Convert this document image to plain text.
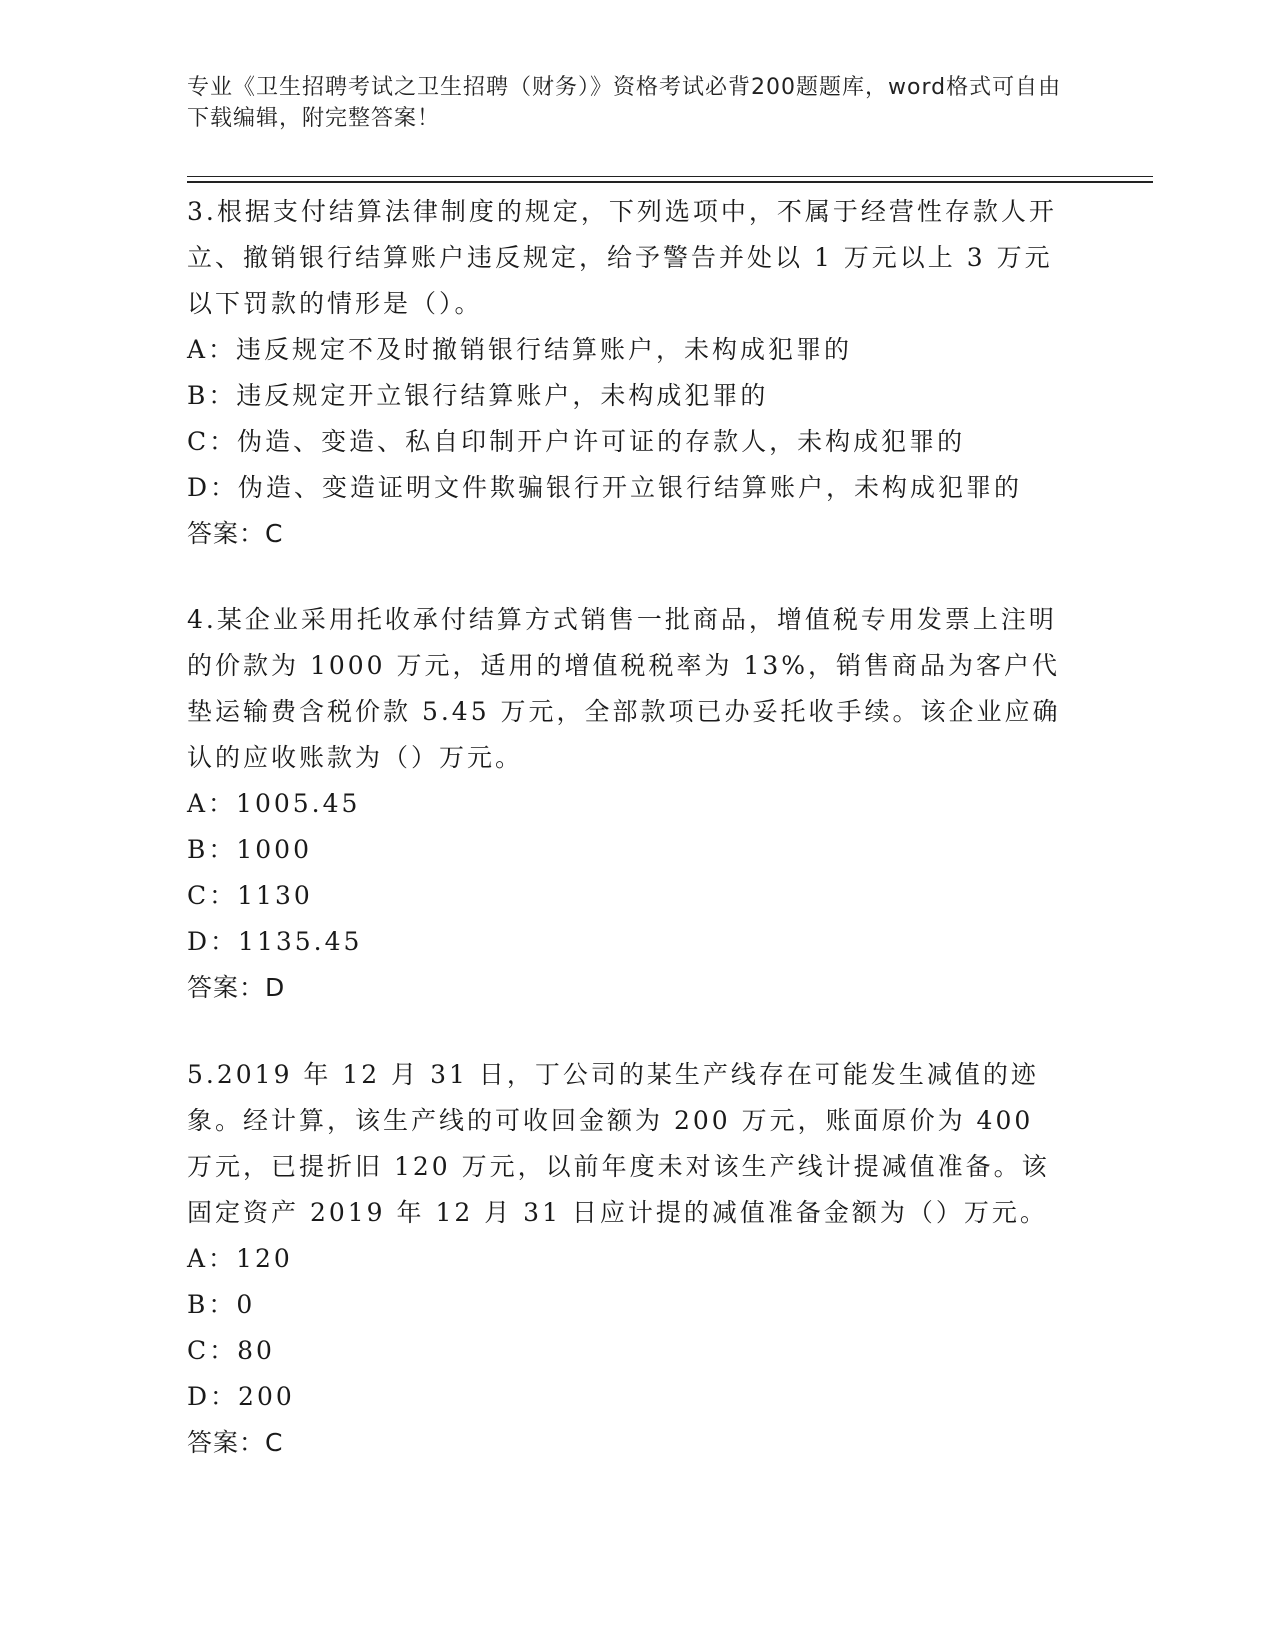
专业《卫生招聘考试之卫生招聘（财务）》资格考试必背200题题库，word格式可自由下载编辑，附完整答案！

3.根据支付结算法律制度的规定，下列选项中，不属于经营性存款人开立、撤销银行结算账户违反规定，给予警告并处以 1 万元以上 3 万元以下罚款的情形是（）。

A：违反规定不及时撤销银行结算账户，未构成犯罪的

B：违反规定开立银行结算账户，未构成犯罪的

C：伪造、变造、私自印制开户许可证的存款人，未构成犯罪的

D：伪造、变造证明文件欺骗银行开立银行结算账户，未构成犯罪的

答案：C

4.某企业采用托收承付结算方式销售一批商品，增值税专用发票上注明的价款为 1000 万元，适用的增值税税率为 13%，销售商品为客户代垫运输费含税价款 5.45 万元，全部款项已办妥托收手续。该企业应确认的应收账款为（）万元。

A：1005.45

B：1000

C：1130

D：1135.45

答案：D

5.2019 年 12 月 31 日，丁公司的某生产线存在可能发生减值的迹象。经计算，该生产线的可收回金额为 200 万元，账面原价为 400 万元，已提折旧 120 万元，以前年度未对该生产线计提减值准备。该固定资产 2019 年 12 月 31 日应计提的减值准备金额为（）万元。

A：120

B：0

C：80

D：200

答案：C
